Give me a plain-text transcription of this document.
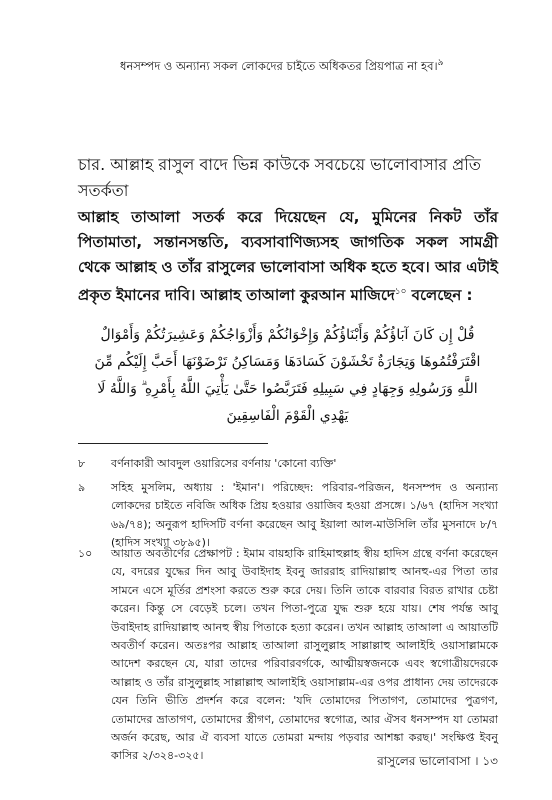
ধনসম্পদ ও অন্যান্য সকল লোকদের চাইতে অধিকতর প্রিয়পাত্র না হব।$^৯$
চার. আল্লাহ রাসুল বাদে ভিন্ন কাউকে সবচেয়ে ভালোবাসার প্রতি সতর্কতা
আল্লাহ তাআলা সতর্ক করে দিয়েছেন যে, মুমিনের নিকট তাঁর পিতামাতা, সন্তানসন্ততি, ব্যবসাবাণিজ্যসহ জাগতিক সকল সামগ্রী থেকে আল্লাহ ও তাঁর রাসুলের ভালোবাসা অধিক হতে হবে। আর এটাই প্রকৃত ইমানের দাবি। আল্লাহ তাআলা কুরআন মাজিদে$^{১০}$ বলেছেন :
قُلْ إِن كَانَ آبَاؤُكُمْ وَأَبْنَاؤُكُمْ وَإِخْوَانُكُمْ وَأَزْوَاجُكُمْ وَعَشِيرَتُكُمْ وَأَمْوَالٌ
اقْتَرَفْتُمُوهَا وَتِجَارَةٌ تَخْشَوْنَ كَسَادَهَا وَمَسَاكِنُ تَرْضَوْنَهَا أَحَبَّ إِلَيْكُم مِّنَ
اللَّهِ وَرَسُولِهِ وَجِهَادٍ فِي سَبِيلِهِ فَتَرَبَّصُوا حَتَّىٰ يَأْتِيَ اللَّهُ بِأَمْرِهِ ۗ وَاللَّهُ لَا
يَهْدِي الْقَوْمَ الْفَاسِقِينَ
৮	বর্ণনাকারী আবদুল ওয়ারিসের বর্ণনায় 'কোনো ব্যক্তি'
৯	সহিহ মুসলিম, অধ্যায় : 'ইমান'। পরিচ্ছেদ: পরিবার-পরিজন, ধনসম্পদ ও অন্যান্য লোকদের চাইতে নবিজি অধিক প্রিয় হওয়ার ওয়াজিব হওয়া প্রসঙ্গে। ১/৬৭ (হাদিস সংখ্যা ৬৯/৭৪); অনুরূপ হাদিসটি বর্ণনা করেছেন আবু ইয়ালা আল-মাউসিলি তাঁর মুসনাদে ৮/৭ (হাদিস সংখ্যা ৩৮৯৫)।
১০	আয়াত অবতীর্ণের প্রেক্ষাপট : ইমাম বায়হাকি রাহিমাহুল্লাহ স্বীয় হাদিস গ্রন্থে বর্ণনা করেছেন যে, বদরের যুদ্ধের দিন আবু উবাইদাহ ইবনু জাররাহ রাদিয়াল্লাহু আনহু-এর পিতা তার সামনে এসে মূর্তির প্রশংসা করতে শুরু করে দেয়। তিনি তাকে বারবার বিরত রাখার চেষ্টা করেন। কিন্তু সে বেড়েই চলে। তখন পিতা-পুত্রে যুদ্ধ শুরু হয়ে যায়। শেষ পর্যন্ত আবু উবাইদাহ রাদিয়াল্লাহু আনহু স্বীয় পিতাকে হত্যা করেন। তখন আল্লাহ তাআলা এ আয়াতটি অবতীর্ণ করেন। অতঃপর আল্লাহ তাআলা রাসুলুল্লাহ সাল্লাল্লাহু আলাইহি ওয়াসাল্লামকে আদেশ করছেন যে, যারা তাদের পরিবারবর্গকে, আত্মীয়স্বজনকে এবং স্বগোত্রীয়দেরকে আল্লাহ ও তাঁর রাসুলুল্লাহ সাল্লাল্লাহু আলাইহি ওয়াসাল্লাম-এর ওপর প্রাধান্য দেয় তাদেরকে যেন তিনি ভীতি প্রদর্শন করে বলেন: 'যদি তোমাদের পিতাগণ, তোমাদের পুত্রগণ, তোমাদের ভ্রাতাগণ, তোমাদের স্ত্রীগণ, তোমাদের স্বগোত্র, আর ঐসব ধনসম্পদ যা তোমরা অর্জন করেছ, আর ঐ ব্যবসা যাতে তোমরা মন্দায় পড়বার আশঙ্কা করছ।' সংক্ষিপ্ত ইবনু কাসির ২/৩২৪-৩২৫।	রাসুলের ভালোবাসা । ১৩
